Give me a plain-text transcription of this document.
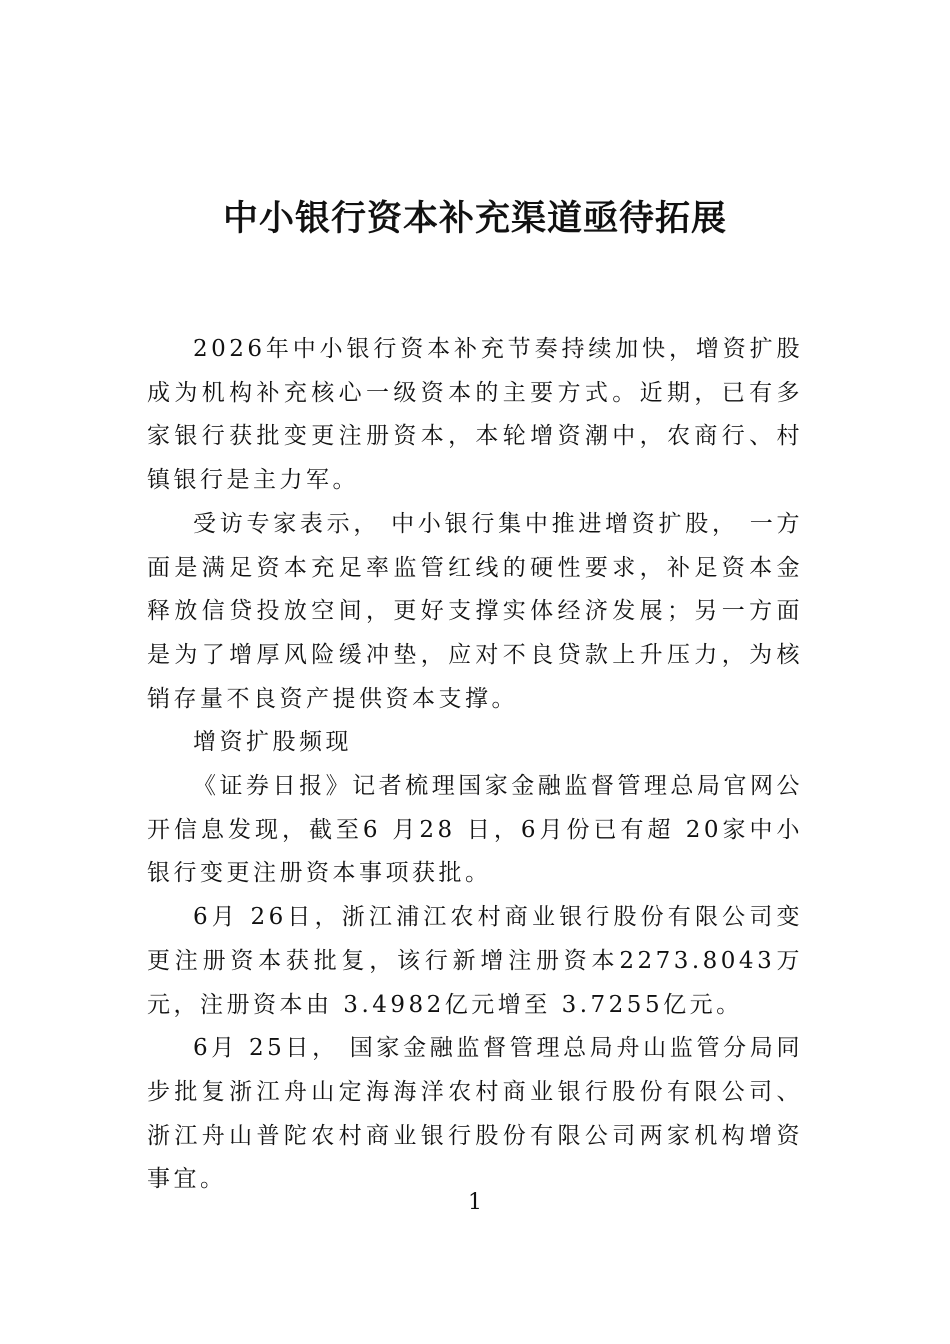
中小银行资本补充渠道亟待拓展

2026年中小银行资本补充节奏持续加快，增资扩股成为机构补充核心一级资本的主要方式。近期，已有多家银行获批变更注册资本，本轮增资潮中，农商行、村镇银行是主力军。

受访专家表示， 中小银行集中推进增资扩股， 一方面是满足资本充足率监管红线的硬性要求，补足资本金释放信贷投放空间，更好支撑实体经济发展；另一方面是为了增厚风险缓冲垫，应对不良贷款上升压力，为核销存量不良资产提供资本支撑。

增资扩股频现

《证券日报》记者梳理国家金融监督管理总局官网公开信息发现，截至6 月28 日，6月份已有超 20家中小银行变更注册资本事项获批。

6月 26日，浙江浦江农村商业银行股份有限公司变更注册资本获批复，该行新增注册资本2273.8043万元，注册资本由 3.4982亿元增至 3.7255亿元。

6月 25日， 国家金融监督管理总局舟山监管分局同步批复浙江舟山定海海洋农村商业银行股份有限公司、浙江舟山普陀农村商业银行股份有限公司两家机构增资事宜。

1
